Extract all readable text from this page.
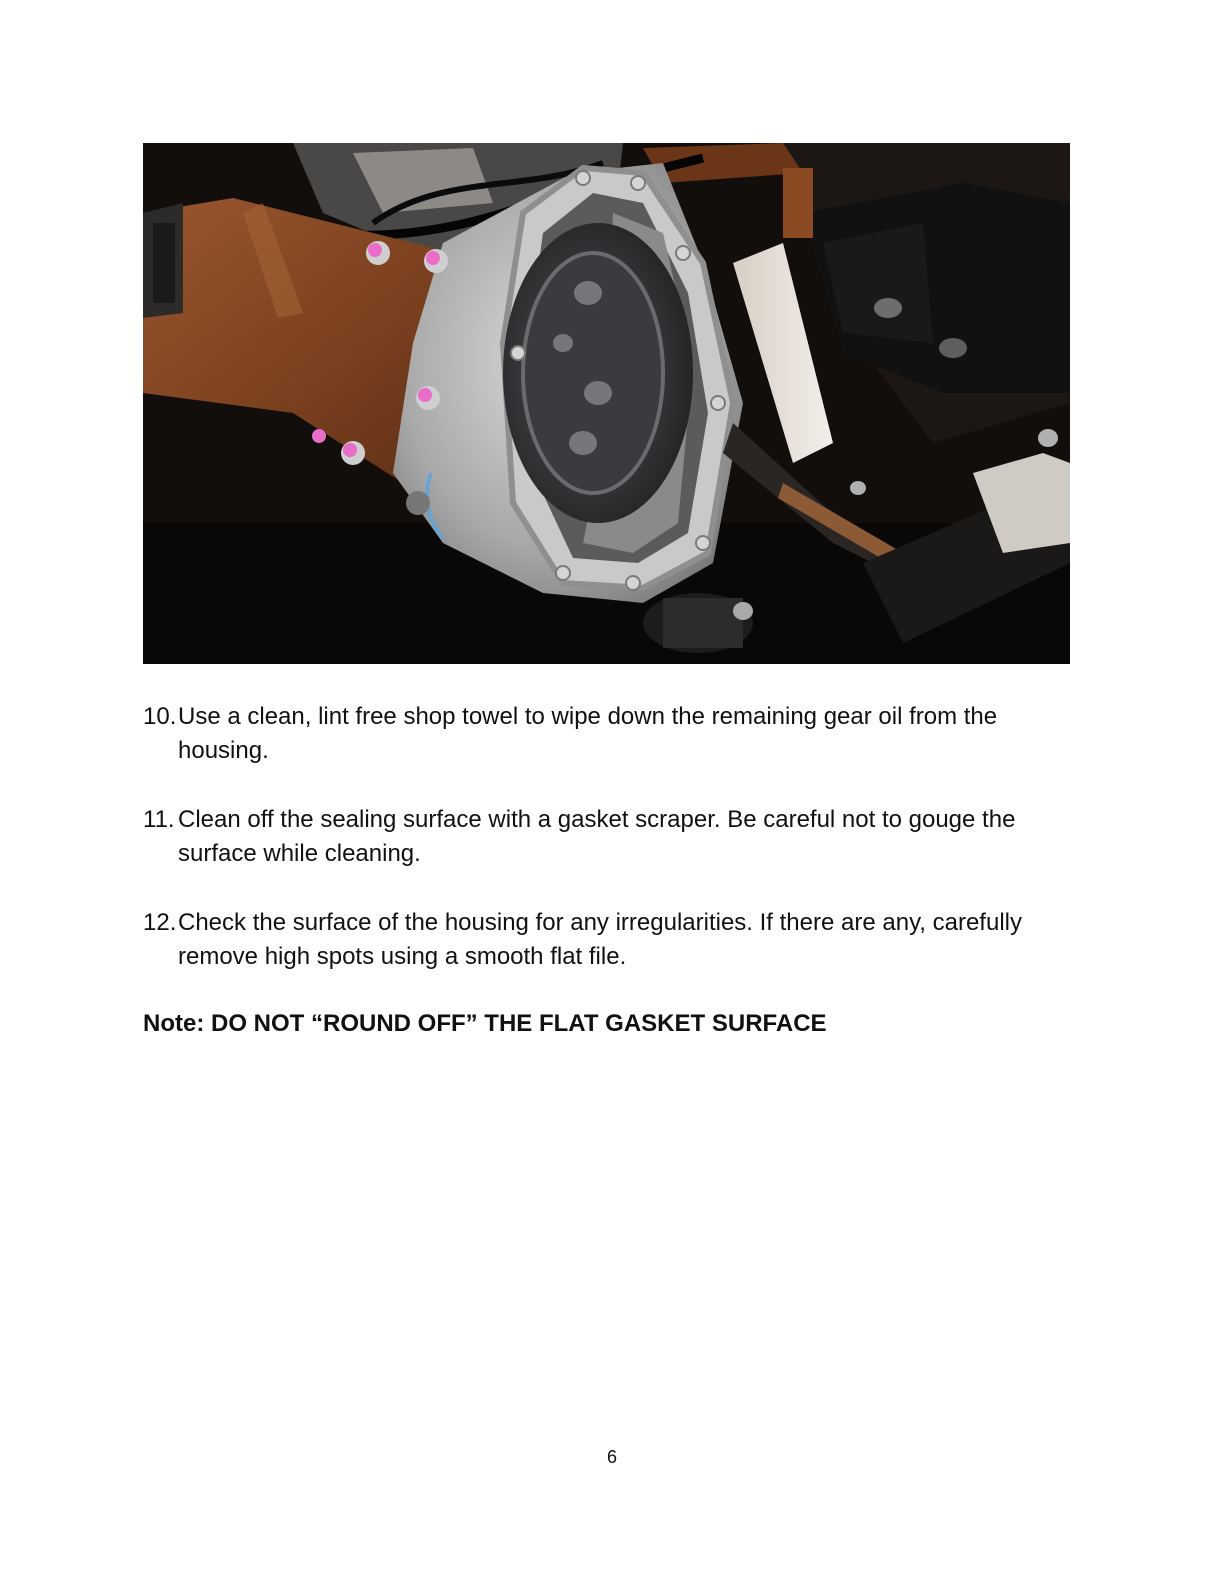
10. Use a clean, lint free shop towel to wipe down the remaining gear oil from the housing.
11. Clean off the sealing surface with a gasket scraper. Be careful not to gouge the surface while cleaning.
12. Check the surface of the housing for any irregularities. If there are any, carefully remove high spots using a smooth flat file.
Note: DO NOT “ROUND OFF” THE FLAT GASKET SURFACE
6
